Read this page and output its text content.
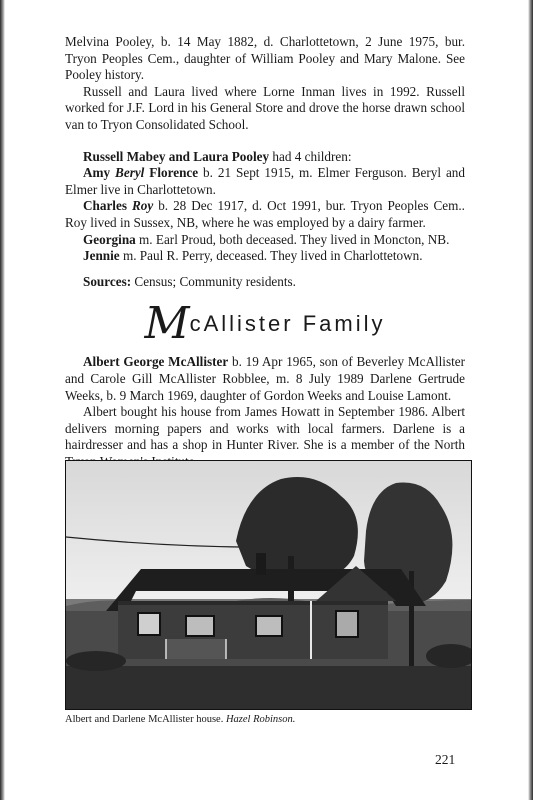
Melvina Pooley, b. 14 May 1882, d. Charlottetown, 2 June 1975, bur. Tryon Peoples Cem., daughter of William Pooley and Mary Malone. See Pooley history.

Russell and Laura lived where Lorne Inman lives in 1992. Russell worked for J.F. Lord in his General Store and drove the horse drawn school van to Tryon Consolidated School.

Russell Mabey and Laura Pooley had 4 children:

Amy Beryl Florence b. 21 Sept 1915, m. Elmer Ferguson. Beryl and Elmer live in Charlottetown.

Charles Roy b. 28 Dec 1917, d. Oct 1991, bur. Tryon Peoples Cem.. Roy lived in Sussex, NB, where he was employed by a dairy farmer.

Georgina m. Earl Proud, both deceased. They lived in Moncton, NB.

Jennie m. Paul R. Perry, deceased. They lived in Charlottetown.

Sources: Census; Community residents.

McAllister Family

Albert George McAllister b. 19 Apr 1965, son of Beverley McAllister and Carole Gill McAllister Robblee, m. 8 July 1989 Darlene Gertrude Weeks, b. 9 March 1969, daughter of Gordon Weeks and Louise Lamont.

Albert bought his house from James Howatt in September 1986. Albert delivers morning papers and works with local farmers. Darlene is a hairdresser and has a shop in Hunter River. She is a member of the North

Albert and Darlene McAllister house. Hazel Robinson.
221
